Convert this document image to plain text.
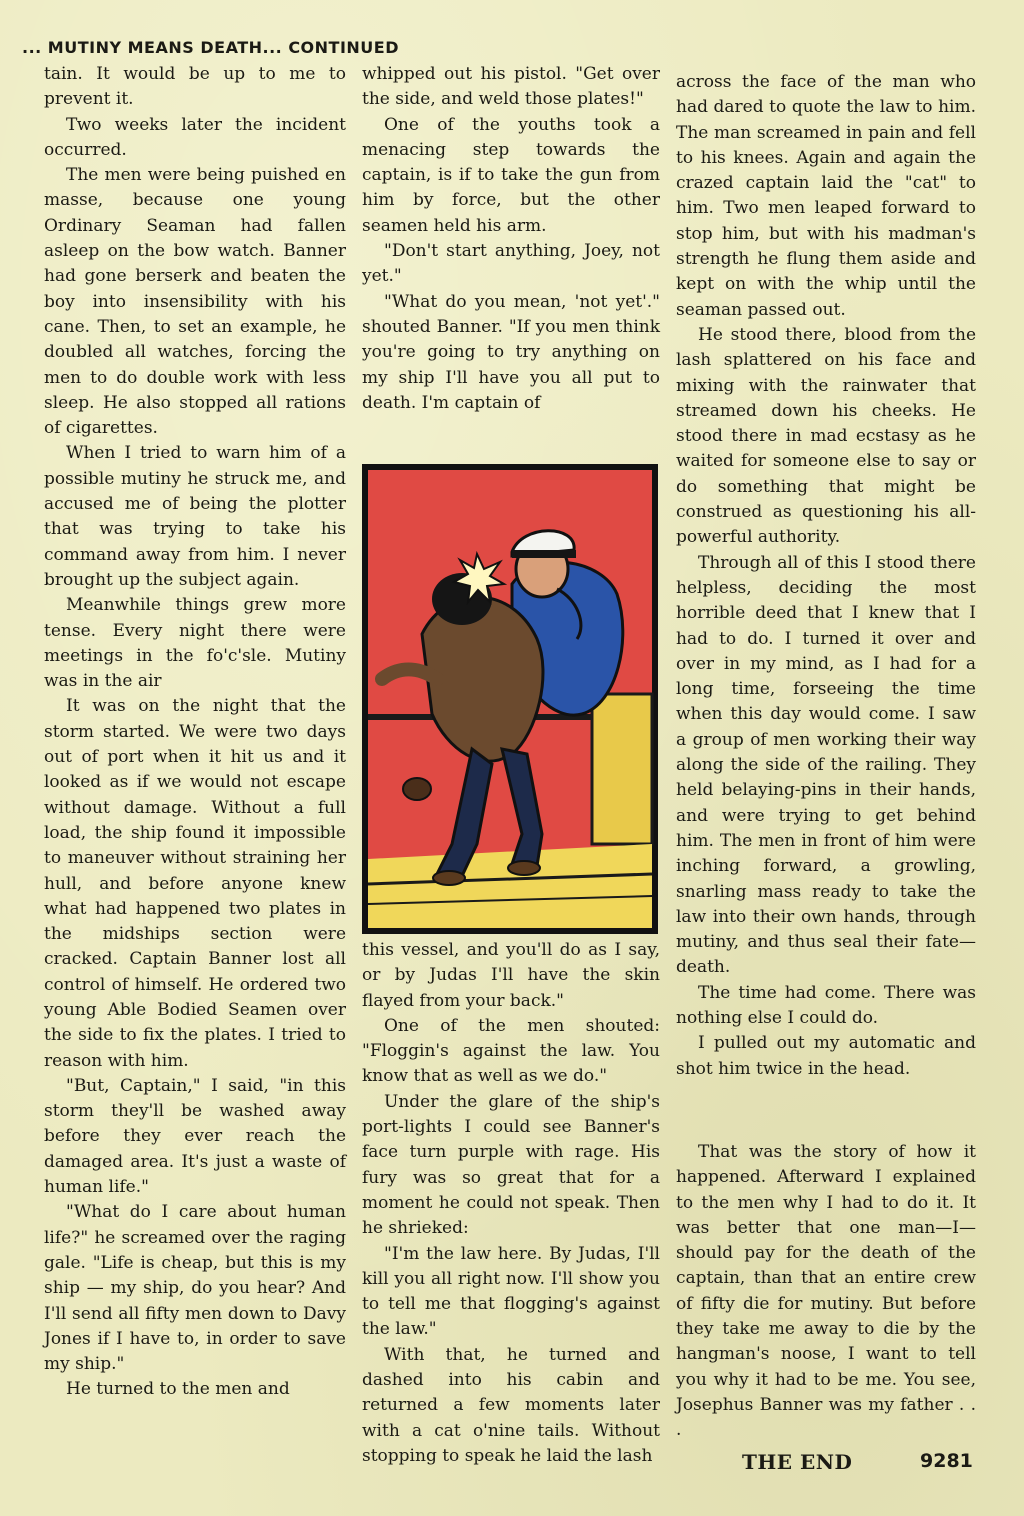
... MUTINY MEANS DEATH... CONTINUED

tain. It would be up to me to prevent it.

Two weeks later the incident occurred.

The men were being puished en masse, because one young Ordinary Seaman had fallen asleep on the bow watch. Banner had gone berserk and beaten the boy into insensibility with his cane. Then, to set an example, he doubled all watches, forcing the men to do double work with less sleep. He also stopped all rations of cigarettes.

When I tried to warn him of a possible mutiny he struck me, and accused me of being the plotter that was trying to take his command away from him. I never brought up the subject again.

Meanwhile things grew more tense. Every night there were meetings in the fo'c'sle. Mutiny was in the air

It was on the night that the storm started. We were two days out of port when it hit us and it looked as if we would not escape without damage. Without a full load, the ship found it impossible to maneuver without straining her hull, and before anyone knew what had happened two plates in the midships section were cracked. Captain Banner lost all control of himself. He ordered two young Able Bodied Seamen over the side to fix the plates. I tried to reason with him.

"But, Captain," I said, "in this storm they'll be washed away before they ever reach the damaged area. It's just a waste of human life."

"What do I care about human life?" he screamed over the raging gale. "Life is cheap, but this is my ship — my ship, do you hear? And I'll send all fifty men down to Davy Jones if I have to, in order to save my ship."

He turned to the men and

whipped out his pistol. "Get over the side, and weld those plates!"

One of the youths took a menacing step towards the captain, is if to take the gun from him by force, but the other seamen held his arm.

"Don't start anything, Joey, not yet."

"What do you mean, 'not yet'." shouted Banner. "If you men think you're going to try anything on my ship I'll have you all put to death. I'm captain of

this vessel, and you'll do as I say, or by Judas I'll have the skin flayed from your back."

One of the men shouted: "Floggin's against the law. You know that as well as we do."

Under the glare of the ship's port-lights I could see Banner's face turn purple with rage. His fury was so great that for a moment he could not speak. Then he shrieked:

"I'm the law here. By Judas, I'll kill you all right now. I'll show you to tell me that flogging's against the law."

With that, he turned and dashed into his cabin and returned a few moments later with a cat o'nine tails. Without stopping to speak he laid the lash

across the face of the man who had dared to quote the law to him. The man screamed in pain and fell to his knees. Again and again the crazed captain laid the "cat" to him. Two men leaped forward to stop him, but with his madman's strength he flung them aside and kept on with the whip until the seaman passed out.

He stood there, blood from the lash splattered on his face and mixing with the rainwater that streamed down his cheeks. He stood there in mad ecstasy as he waited for someone else to say or do something that might be construed as questioning his all-powerful authority.

Through all of this I stood there helpless, deciding the most horrible deed that I knew that I had to do. I turned it over and over in my mind, as I had for a long time, forseeing the time when this day would come. I saw a group of men working their way along the side of the railing. They held belaying-pins in their hands, and were trying to get behind him. The men in front of him were inching forward, a growling, snarling mass ready to take the law into their own hands, through mutiny, and thus seal their fate—death.

The time had come. There was nothing else I could do.

I pulled out my automatic and shot him twice in the head.

That was the story of how it happened. Afterward I explained to the men why I had to do it. It was better that one man—I—should pay for the death of the captain, than that an entire crew of fifty die for mutiny. But before they take me away to die by the hangman's noose, I want to tell you why it had to be me. You see, Josephus Banner was my father . . .

THE END	9281
